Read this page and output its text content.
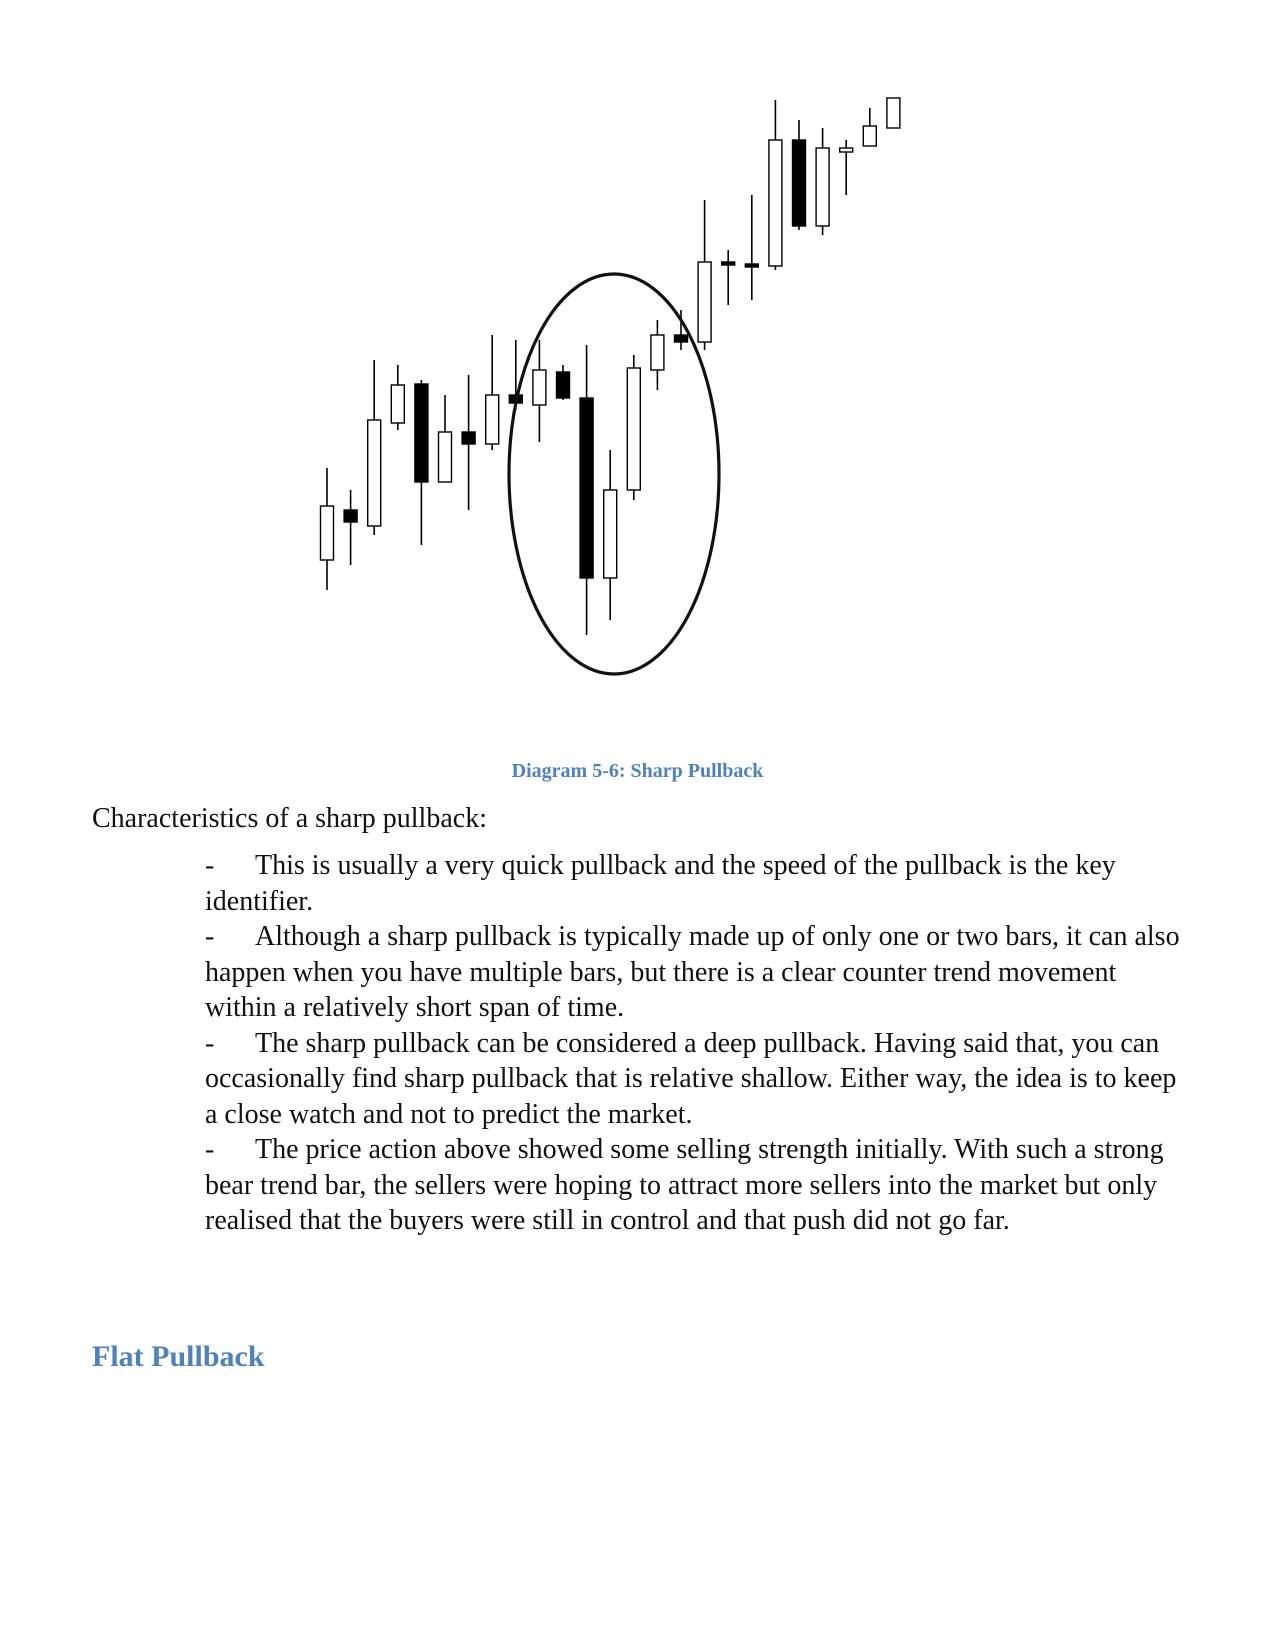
Diagram 5-6: Sharp Pullback
Characteristics of a sharp pullback:
- This is usually a very quick pullback and the speed of the pullback is the key identifier.
- Although a sharp pullback is typically made up of only one or two bars, it can also happen when you have multiple bars, but there is a clear counter trend movement within a relatively short span of time.
- The sharp pullback can be considered a deep pullback. Having said that, you can occasionally find sharp pullback that is relative shallow. Either way, the idea is to keep a close watch and not to predict the market.
- The price action above showed some selling strength initially. With such a strong bear trend bar, the sellers were hoping to attract more sellers into the market but only realised that the buyers were still in control and that push did not go far.
Flat Pullback
